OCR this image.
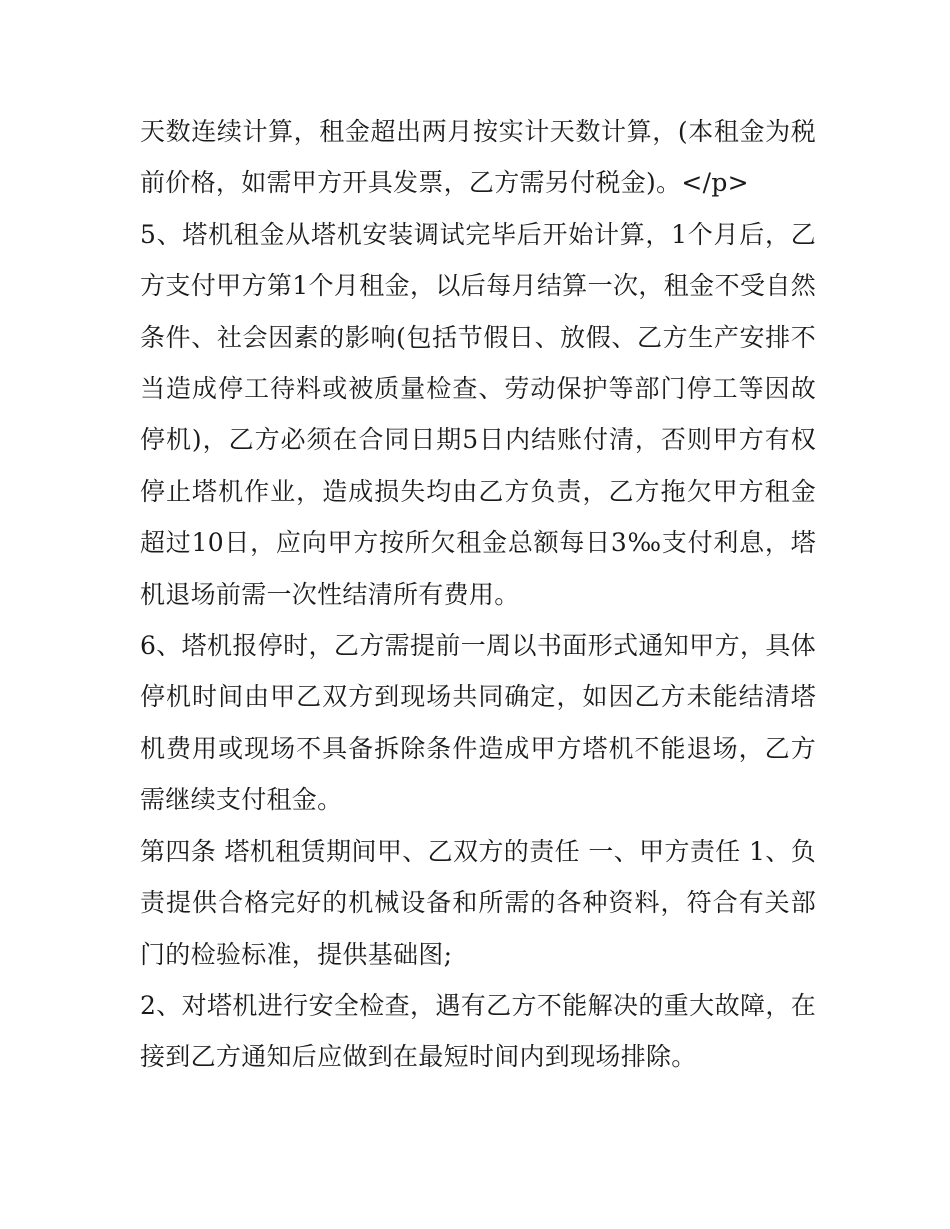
天数连续计算，租金超出两月按实计天数计算，(本租金为税前价格，如需甲方开具发票，乙方需另付税金)。</p>

5、塔机租金从塔机安装调试完毕后开始计算，1个月后，乙方支付甲方第1个月租金，以后每月结算一次，租金不受自然条件、社会因素的影响(包括节假日、放假、乙方生产安排不当造成停工待料或被质量检查、劳动保护等部门停工等因故停机)，乙方必须在合同日期5日内结账付清，否则甲方有权停止塔机作业，造成损失均由乙方负责，乙方拖欠甲方租金超过10日，应向甲方按所欠租金总额每日3‰支付利息，塔机退场前需一次性结清所有费用。

6、塔机报停时，乙方需提前一周以书面形式通知甲方，具体停机时间由甲乙双方到现场共同确定，如因乙方未能结清塔机费用或现场不具备拆除条件造成甲方塔机不能退场，乙方需继续支付租金。

第四条 塔机租赁期间甲、乙双方的责任 一、甲方责任 1、负责提供合格完好的机械设备和所需的各种资料，符合有关部门的检验标准，提供基础图;

2、对塔机进行安全检查，遇有乙方不能解决的重大故障，在接到乙方通知后应做到在最短时间内到现场排除。
